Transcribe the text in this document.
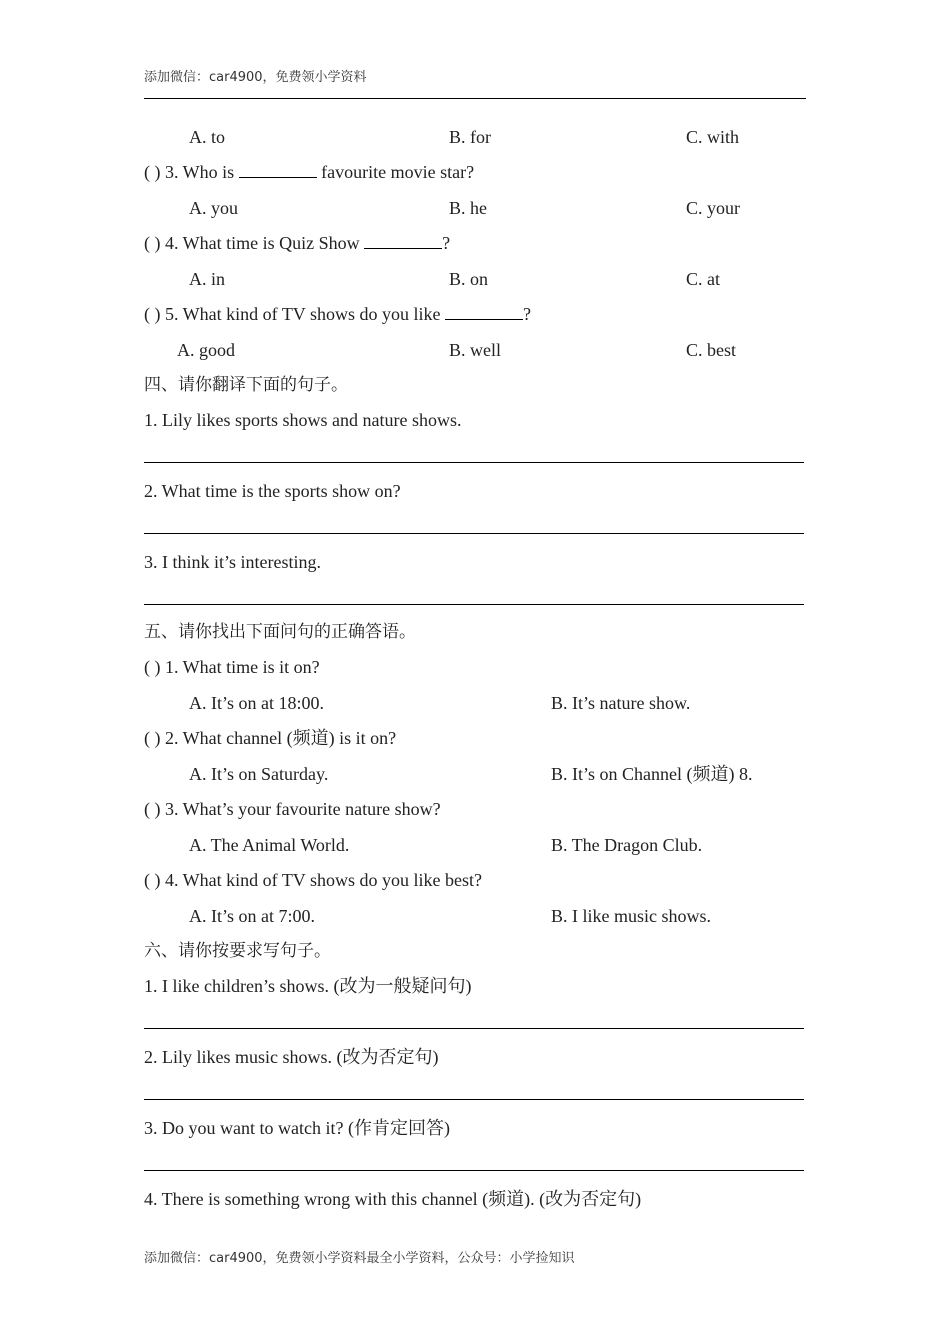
添加微信：car4900，免费领小学资料
A. to	B. for	C. with
( ) 3. Who is	favourite movie star?
A. you	B. he	C. your
( ) 4. What time is Quiz Show	?
A. in	B. on	C. at
( ) 5. What kind of TV shows do you like	?
A. good	B. well	C. best
四、请你翻译下面的句子。
1. Lily likes sports shows and nature shows.
2. What time is the sports show on?
3. I think it’s interesting.
五、请你找出下面问句的正确答语。
( ) 1. What time is it on?
A. It’s on at 18:00.	B. It’s nature show.
( ) 2. What channel (频道) is it on?
A. It’s on Saturday.	B. It’s on Channel (频道) 8.
( ) 3. What’s your favourite nature show?
A. The Animal World.	B. The Dragon Club.
( ) 4. What kind of TV shows do you like best?
A. It’s on at 7:00.	B. I like music shows.
六、请你按要求写句子。
1. I like children’s shows. (改为一般疑问句)
2. Lily likes music shows. (改为否定句)
3. Do you want to watch it? (作肯定回答)
4. There is something wrong with this channel (频道). (改为否定句)
添加微信：car4900，免费领小学资料最全小学资料，公众号：小学捡知识
